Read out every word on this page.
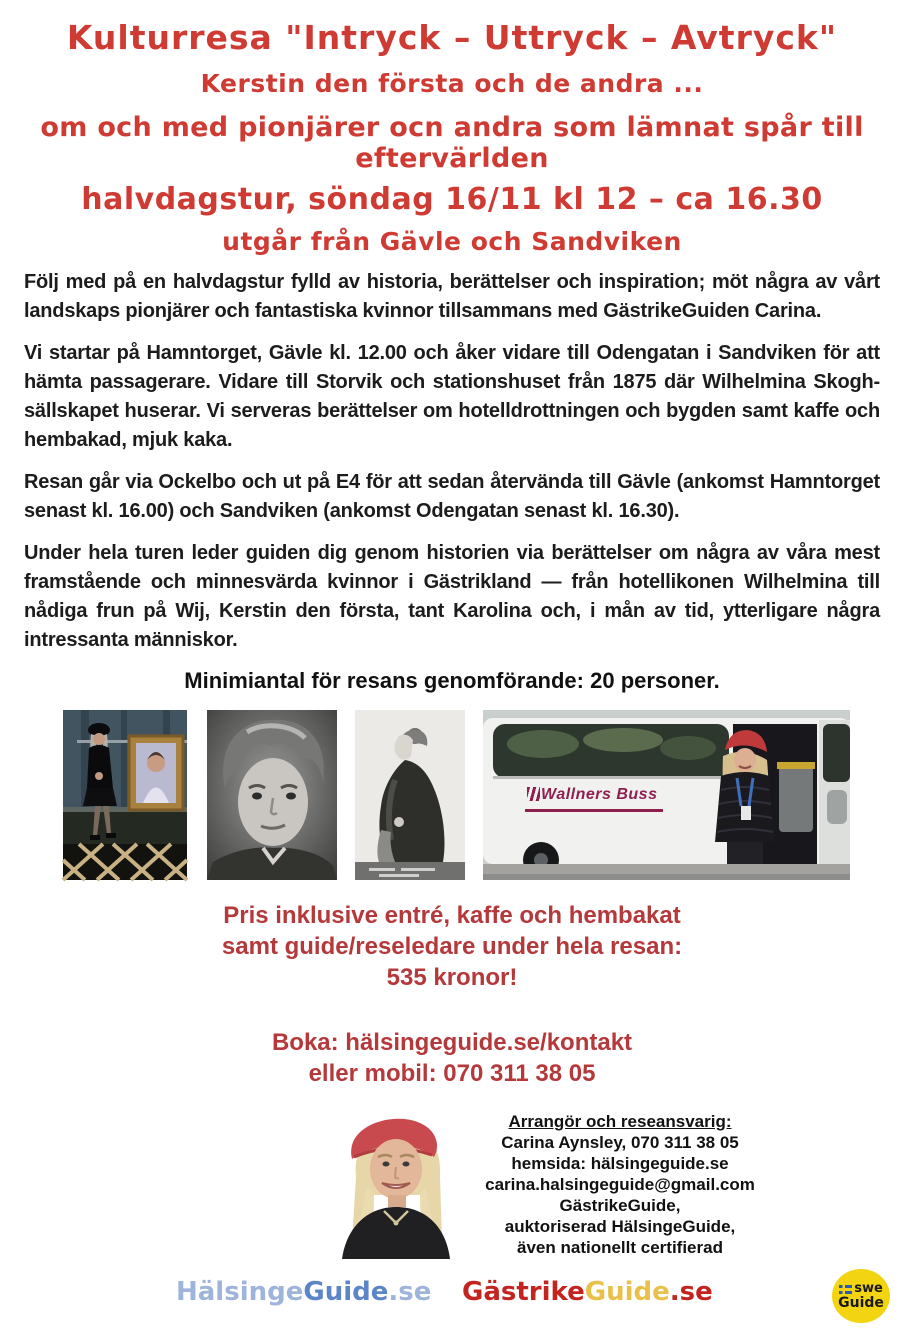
Kulturresa "Intryck – Uttryck – Avtryck"
Kerstin den första och de andra ...
om och med pionjärer ocn andra som lämnat spår till eftervärlden
halvdagstur, söndag 16/11 kl 12 – ca 16.30
utgår från Gävle och Sandviken

Följ med på en halvdagstur fylld av historia, berättelser och inspiration; möt några av vårt landskaps pionjärer och fantastiska kvinnor tillsammans med GästrikeGuiden Carina.

Vi startar på Hamntorget, Gävle kl. 12.00 och åker vidare till Odengatan i Sandviken för att hämta passagerare. Vidare till Storvik och stationshuset från 1875 där Wilhelmina Skogh-sällskapet huserar. Vi serveras berättelser om hotelldrottningen och bygden samt kaffe och hembakad, mjuk kaka.

Resan går via Ockelbo och ut på E4 för att sedan återvända till Gävle (ankomst Hamntorget senast kl. 16.00) och Sandviken (ankomst Odengatan senast kl. 16.30).

Under hela turen leder guiden dig genom historien via berättelser om några av våra mest framstående och minnesvärda kvinnor i Gästrikland — från hotellikonen Wilhelmina till nådiga frun på Wij, Kerstin den första, tant Karolina och, i mån av tid, ytterligare några intressanta människor.

Minimiantal för resans genomförande: 20 personer.
Wallners Buss
Pris inklusive entré, kaffe och hembakat
samt guide/reseledare under hela resan:
535 kronor!
Boka: hälsingeguide.se/kontakt
eller mobil: 070 311 38 05
Arrangör och reseansvarig:
Carina Aynsley, 070 311 38 05
hemsida: hälsingeguide.se
carina.halsingeguide@gmail.com
GästrikeGuide,
auktoriserad HälsingeGuide,
även nationellt certifierad
HälsingeGuide.se GästrikeGuide.se	swe
Guide
